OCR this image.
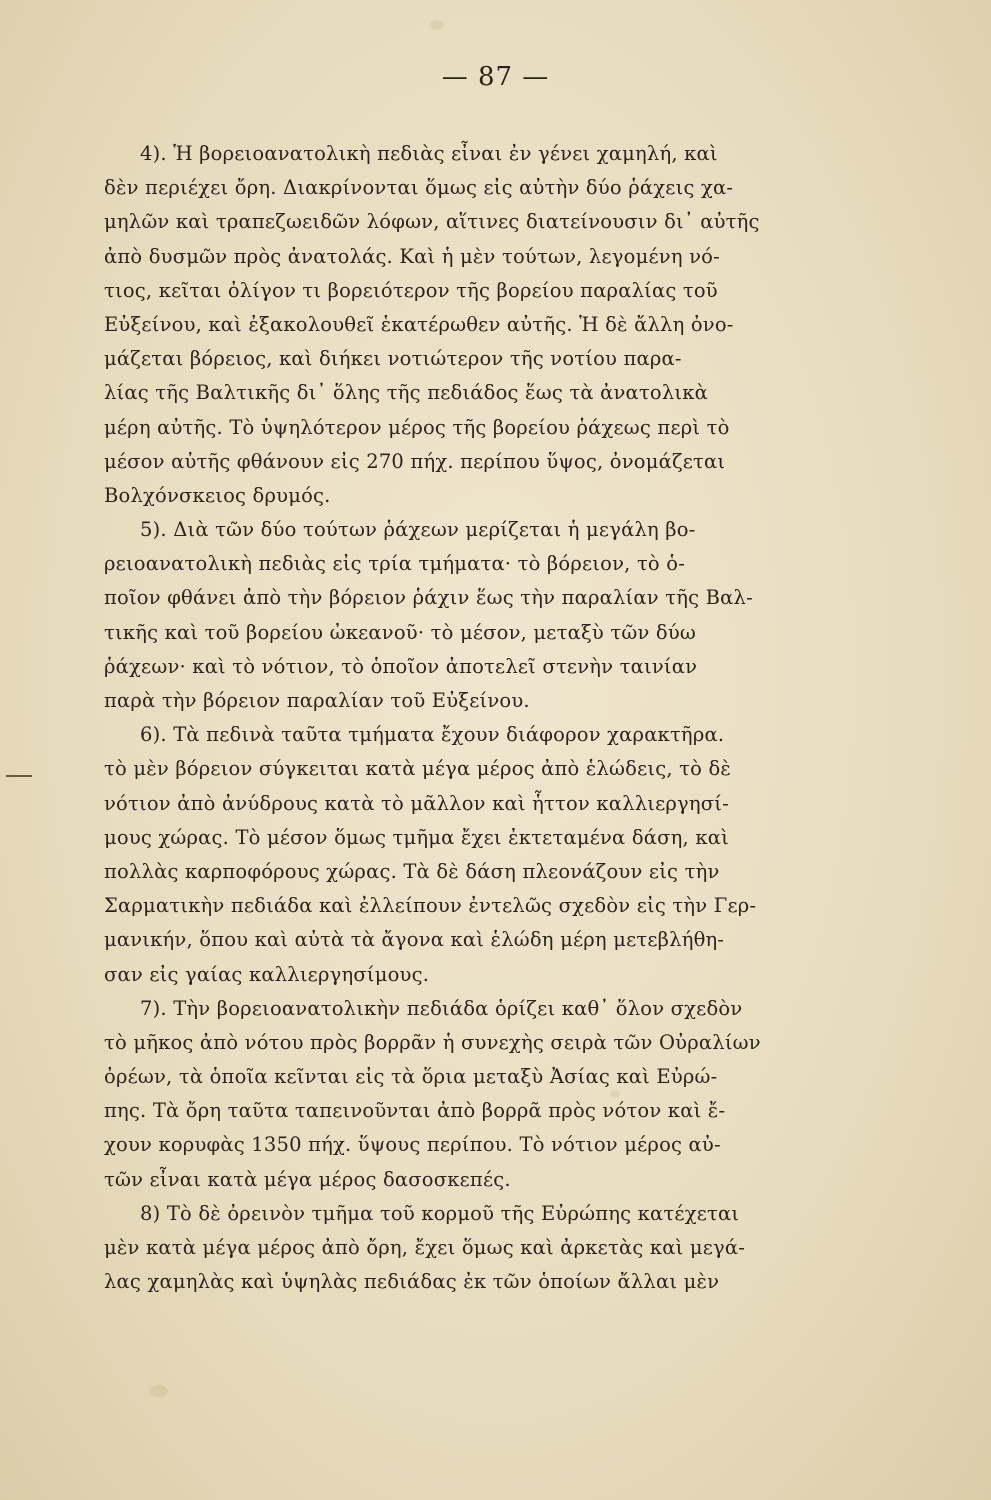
— 87 —
4). Ἡ βορειοανατολικὴ πεδιὰς εἶναι ἐν γένει χαμηλή, καὶ
δὲν περιέχει ὄρη. Διακρίνονται ὅμως εἰς αὐτὴν δύο ῥάχεις χα-
μηλῶν καὶ τραπεζωειδῶν λόφων, αἵτινες διατείνουσιν δι᾽ αὐτῆς
ἀπὸ δυσμῶν πρὸς ἀνατολάς. Καὶ ἡ μὲν τούτων, λεγομένη νό-
τιος, κεῖται ὀλίγον τι βορειότερον τῆς βορείου παραλίας τοῦ
Εὐξείνου, καὶ ἐξακολουθεῖ ἑκατέρωθεν αὐτῆς. Ἡ δὲ ἄλλη ὀνο-
μάζεται βόρειος, καὶ διήκει νοτιώτερον τῆς νοτίου παρα-
λίας τῆς Βαλτικῆς δι᾽ ὅλης τῆς πεδιάδος ἕως τὰ ἀνατολικὰ
μέρη αὐτῆς. Τὸ ὑψηλότερον μέρος τῆς βορείου ῥάχεως περὶ τὸ
μέσον αὐτῆς φθάνουν εἰς 270 πήχ. περίπου ὕψος, ὀνομάζεται
Βολχόνσκειος δρυμός.
5). Διὰ τῶν δύο τούτων ῥάχεων μερίζεται ἡ μεγάλη βο-
ρειοανατολικὴ πεδιὰς εἰς τρία τμήματα· τὸ βόρειον, τὸ ὁ-
ποῖον φθάνει ἀπὸ τὴν βόρειον ῥάχιν ἕως τὴν παραλίαν τῆς Βαλ-
τικῆς καὶ τοῦ βορείου ὠκεανοῦ· τὸ μέσον, μεταξὺ τῶν δύω
ῥάχεων· καὶ τὸ νότιον, τὸ ὁποῖον ἀποτελεῖ στενὴν ταινίαν
παρὰ τὴν βόρειον παραλίαν τοῦ Εὐξείνου.
6). Τὰ πεδινὰ ταῦτα τμήματα ἔχουν διάφορον χαρακτῆρα.
τὸ μὲν βόρειον σύγκειται κατὰ μέγα μέρος ἀπὸ ἑλώδεις, τὸ δὲ
νότιον ἀπὸ ἀνύδρους κατὰ τὸ μᾶλλον καὶ ἧττον καλλιεργησί-
μους χώρας. Τὸ μέσον ὅμως τμῆμα ἔχει ἐκτεταμένα δάση, καὶ
πολλὰς καρποφόρους χώρας. Τὰ δὲ δάση πλεονάζουν εἰς τὴν
Σαρματικὴν πεδιάδα καὶ ἐλλείπουν ἐντελῶς σχεδὸν εἰς τὴν Γερ-
μανικήν, ὅπου καὶ αὐτὰ τὰ ἄγονα καὶ ἑλώδη μέρη μετεβλήθη-
σαν εἰς γαίας καλλιεργησίμους.
7). Τὴν βορειοανατολικὴν πεδιάδα ὁρίζει καθ᾽ ὅλον σχεδὸν
τὸ μῆκος ἀπὸ νότου πρὸς βορρᾶν ἡ συνεχὴς σειρὰ τῶν Οὐραλίων
ὀρέων, τὰ ὁποῖα κεῖνται εἰς τὰ ὅρια μεταξὺ Ἀσίας καὶ Εὐρώ-
πης. Τὰ ὄρη ταῦτα ταπεινοῦνται ἀπὸ βορρᾶ πρὸς νότον καὶ ἔ-
χουν κορυφὰς 1350 πήχ. ὕψους περίπου. Τὸ νότιον μέρος αὐ-
τῶν εἶναι κατὰ μέγα μέρος δασοσκεπές.
8) Τὸ δὲ ὀρεινὸν τμῆμα τοῦ κορμοῦ τῆς Εὐρώπης κατέχεται
μὲν κατὰ μέγα μέρος ἀπὸ ὄρη, ἔχει ὅμως καὶ ἀρκετὰς καὶ μεγά-
λας χαμηλὰς καὶ ὑψηλὰς πεδιάδας ἐκ τῶν ὁποίων ἄλλαι μὲν
